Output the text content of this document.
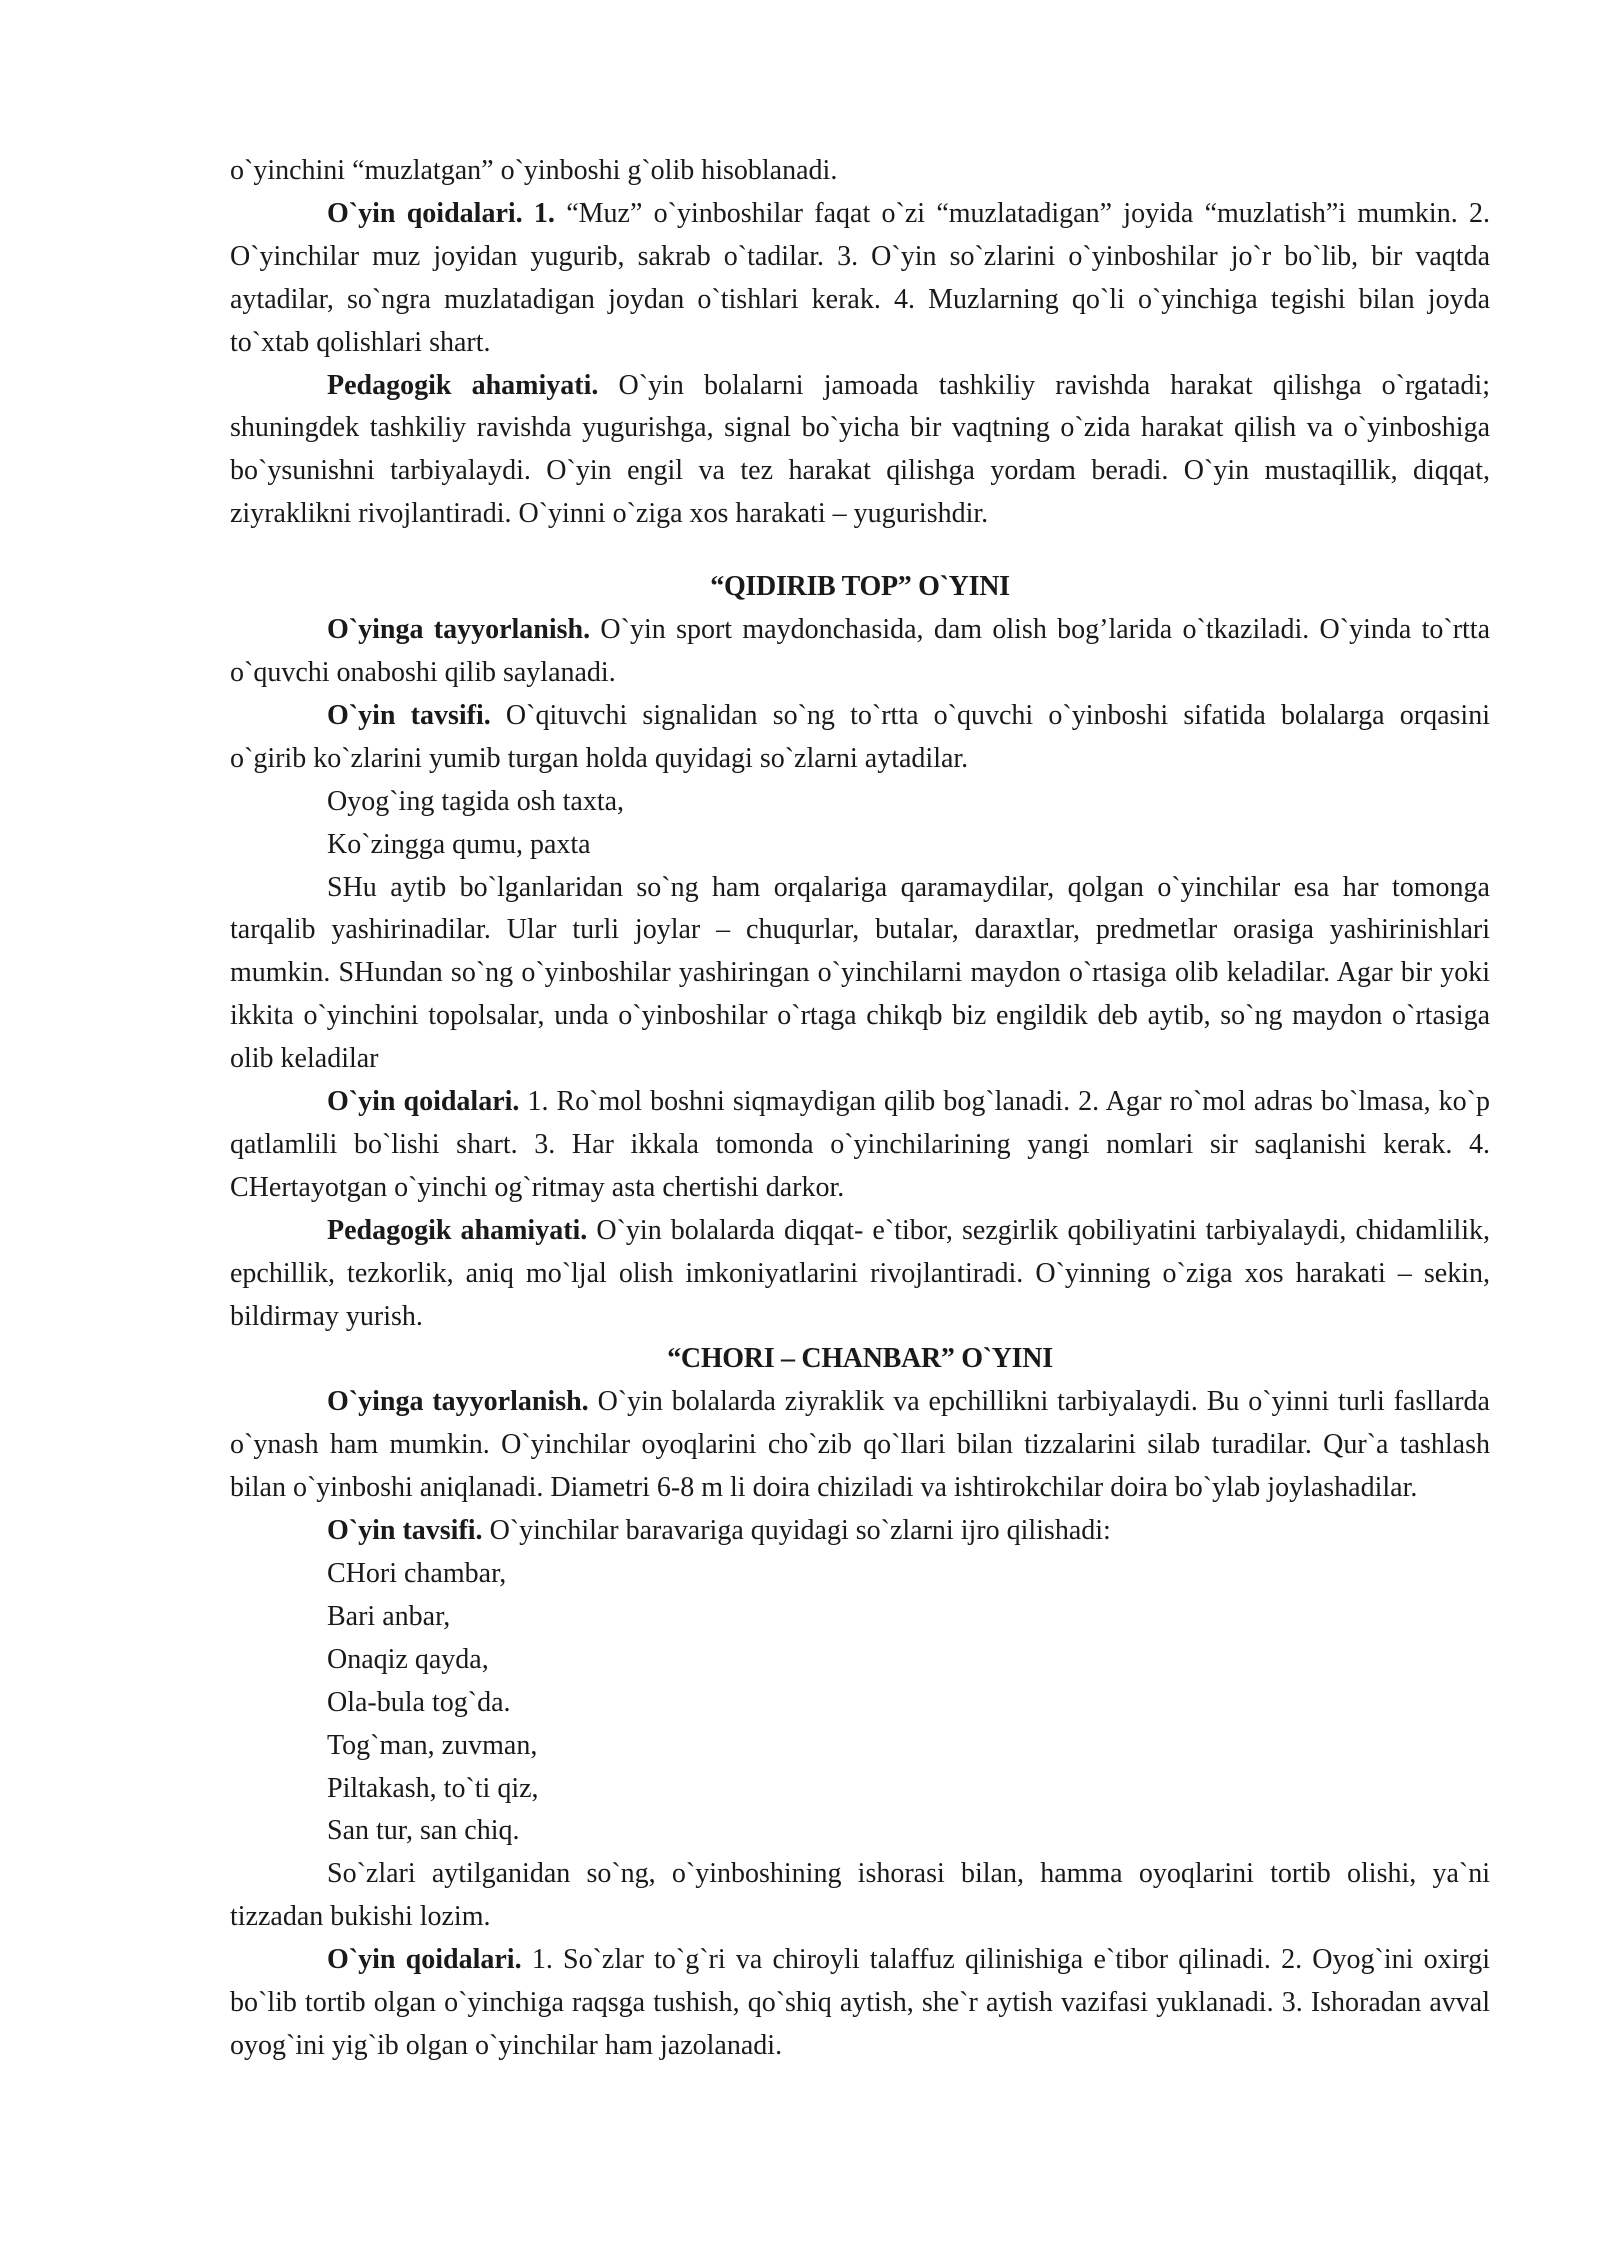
o`yinchini “muzlatgan” o`yinboshi g`olib hisoblanadi.

O`yin qoidalari. 1. “Muz” o`yinboshilar faqat o`zi “muzlatadigan” joyida “muzlatish”i mumkin. 2. O`yinchilar muz joyidan yugurib, sakrab o`tadilar. 3. O`yin so`zlarini o`yinboshilar jo`r bo`lib, bir vaqtda aytadilar, so`ngra muzlatadigan joydan o`tishlari kerak. 4. Muzlarning qo`li o`yinchiga tegishi bilan joyda to`xtab qolishlari shart.

Pedagogik ahamiyati. O`yin bolalarni jamoada tashkiliy ravishda harakat qilishga o`rgatadi; shuningdek tashkiliy ravishda yugurishga, signal bo`yicha bir vaqtning o`zida harakat qilish va o`yinboshiga bo`ysunishni tarbiyalaydi. O`yin engil va tez harakat qilishga yordam beradi. O`yin mustaqillik, diqqat, ziyraklikni rivojlantiradi. O`yinni o`ziga xos harakati – yugurishdir.

“QIDIRIB TOP” O`YINI

O`yinga tayyorlanish. O`yin sport maydonchasida, dam olish bog’larida o`tkaziladi. O`yinda to`rtta o`quvchi onaboshi qilib saylanadi.

O`yin tavsifi. O`qituvchi signalidan so`ng to`rtta o`quvchi o`yinboshi sifatida bolalarga orqasini o`girib ko`zlarini yumib turgan holda quyidagi so`zlarni aytadilar.

Oyog`ing tagida osh taxta,

Ko`zingga qumu, paxta

SHu aytib bo`lganlaridan so`ng ham orqalariga qaramaydilar, qolgan o`yinchilar esa har tomonga tarqalib yashirinadilar. Ular turli joylar – chuqurlar, butalar, daraxtlar, predmetlar orasiga yashirinishlari mumkin. SHundan so`ng o`yinboshilar yashiringan o`yinchilarni maydon o`rtasiga olib keladilar. Agar bir yoki ikkita o`yinchini topolsalar, unda o`yinboshilar o`rtaga chikqb biz engildik deb aytib, so`ng maydon o`rtasiga olib keladilar

O`yin qoidalari. 1. Ro`mol boshni siqmaydigan qilib bog`lanadi. 2. Agar ro`mol adras bo`lmasa, ko`p qatlamlili bo`lishi shart. 3. Har ikkala tomonda o`yinchilarining yangi nomlari sir saqlanishi kerak. 4. CHertayotgan o`yinchi og`ritmay asta chertishi darkor.

Pedagogik ahamiyati. O`yin bolalarda diqqat- e`tibor, sezgirlik qobiliyatini tarbiyalaydi, chidamlilik, epchillik, tezkorlik, aniq mo`ljal olish imkoniyatlarini rivojlantiradi. O`yinning o`ziga xos harakati – sekin, bildirmay yurish.

“CHORI – CHANBAR” O`YINI

O`yinga tayyorlanish. O`yin bolalarda ziyraklik va epchillikni tarbiyalaydi. Bu o`yinni turli fasllarda o`ynash ham mumkin. O`yinchilar oyoqlarini cho`zib qo`llari bilan tizzalarini silab turadilar. Qur`a tashlash bilan o`yinboshi aniqlanadi. Diametri 6-8 m li doira chiziladi va ishtirokchilar doira bo`ylab joylashadilar.

O`yin tavsifi. O`yinchilar baravariga quyidagi so`zlarni ijro qilishadi:

CHori chambar,

Bari anbar,

Onaqiz qayda,

Ola-bula tog`da.

Tog`man, zuvman,

Piltakash, to`ti qiz,

San tur, san chiq.

So`zlari aytilganidan so`ng, o`yinboshining ishorasi bilan, hamma oyoqlarini tortib olishi, ya`ni tizzadan bukishi lozim.

O`yin qoidalari. 1. So`zlar to`g`ri va chiroyli talaffuz qilinishiga e`tibor qilinadi. 2. Oyog`ini oxirgi bo`lib tortib olgan o`yinchiga raqsga tushish, qo`shiq aytish, she`r aytish vazifasi yuklanadi. 3. Ishoradan avval oyog`ini yig`ib olgan o`yinchilar ham jazolanadi.
